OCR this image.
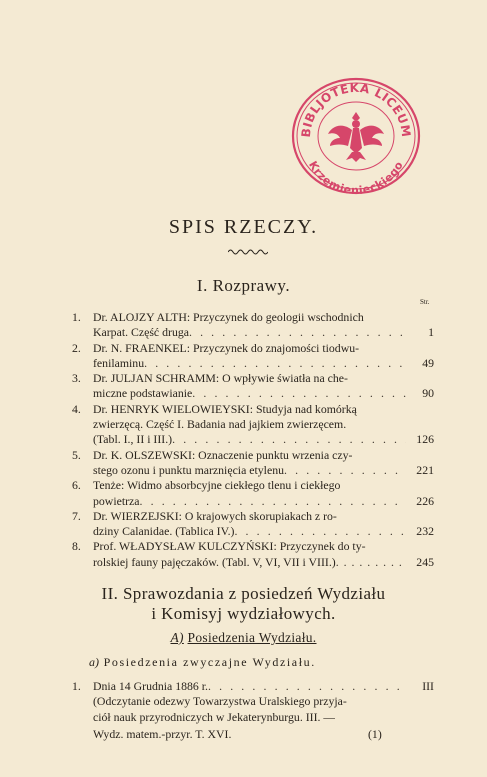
BIBLJOTEKA LICEUM
Krzemienieckiego
SPIS RZECZY.
I. Rozprawy.
Str.
1.	Dr. ALOJZY ALTH: Przyczynek do geologii wschodnich
Karpat. Część druga . . .	1
2.	Dr. N. FRAENKEL: Przyczynek do znajomości tiodwu-
fenilaminu . . .	49
3.	Dr. JULJAN SCHRAMM: O wpływie światła na che-
miczne podstawianie . . .	90
4.	Dr. HENRYK WIELOWIEYSKI: Studyja nad komórką
zwierzęcą. Część I. Badania nad jajkiem zwierzęcem.
(Tabl. I., II i III.) . . .	126
5.	Dr. K. OLSZEWSKI: Oznaczenie punktu wrzenia czy-
stego ozonu i punktu marznięcia etylenu . . .	221
6.	Tenże: Widmo absorbcyjne ciekłego tlenu i ciekłego
powietrza . . .	226
7.	Dr. WIERZEJSKI: O krajowych skorupiakach z ro-
dziny Calanidae. (Tablica IV.) . . .	232
8.	Prof. WŁADYSŁAW KULCZYŃSKI: Przyczynek do ty-
rolskiej fauny pajęczaków. (Tabl. V, VI, VII i VIII.) . . .	245
II. Sprawozdania z posiedzeń Wydziału
i Komisyj wydziałowych.
A) Posiedzenia Wydziału.
a) Posiedzenia zwyczajne Wydziału.
1.	Dnia 14 Grudnia 1886 r. . . .	III
(Odczytanie odezwy Towarzystwa Uralskiego przyja-
ciół nauk przyrodniczych w Jekaterynburgu. III. —
Wydz. matem.-przyr. T. XVI.	(1)
